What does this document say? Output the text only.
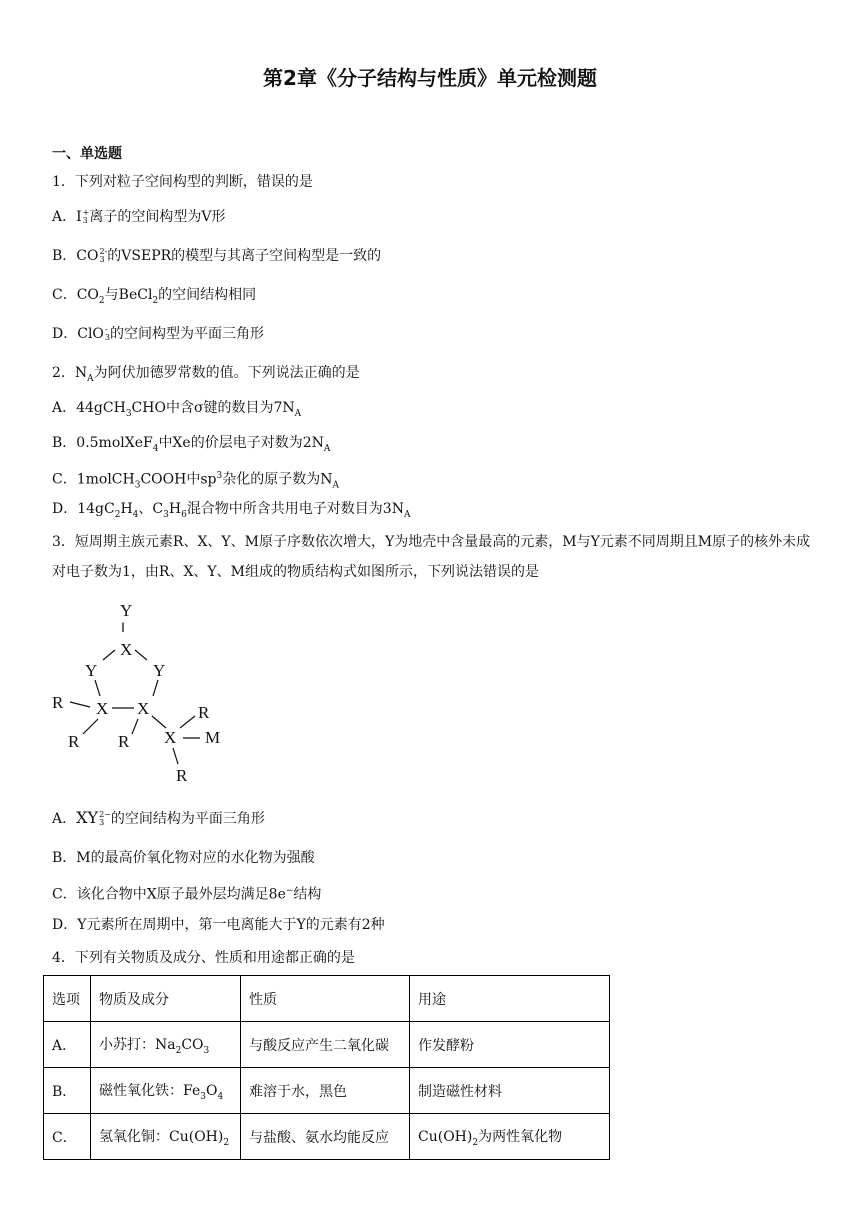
第2章《分子结构与性质》单元检测题
一、单选题
1．下列对粒子空间构型的判断，错误的是
A．I +
3 离子的空间构型为V形
B．CO 2-
3 的VSEPR的模型与其离子空间构型是一致的
C．$CO_2$与BeCl$_2$的空间结构相同
D．ClO -
3 的空间构型为平面三角形
2．$N_A$为阿伏加德罗常数的值。下列说法正确的是
A．44gCH$_3$CHO中含σ键的数目为$7N_A$
B．0.5molXeF$_4$中Xe的价层电子对数为$2N_A$
C．1molCH$_3$COOH中$sp^3$杂化的原子数为$N_A$
D．$14gC_2H_4$、$C_3H_6$混合物中所含共用电子对数目为$3N_A$
3．短周期主族元素R、X、Y、M原子序数依次增大，Y为地壳中含量最高的元素，M与Y元素不同周期且M原子的核外未成对电子数为1，由R、X、Y、M组成的物质结构式如图所示，下列说法错误的是
Y
‖
X
Y	Y
R X X	R
R R X M
R
A．XY 2−
3 的空间结构为平面三角形
B．M的最高价氧化物对应的水化物为强酸
C．该化合物中X原子最外层均满足8e−结构
D．Y元素所在周期中，第一电离能大于Y的元素有2种
4．下列有关物质及成分、性质和用途都正确的是
选项	物质及成分	性质	用途
A．	小苏打：$Na_2CO_3$	与酸反应产生二氧化碳	作发酵粉
B．	磁性氧化铁：$Fe_3O_4$	难溶于水，黑色	制造磁性材料
C．	氢氧化铜：$Cu(OH)_2$	与盐酸、氨水均能反应	$Cu(OH)_2$为两性氧化物
